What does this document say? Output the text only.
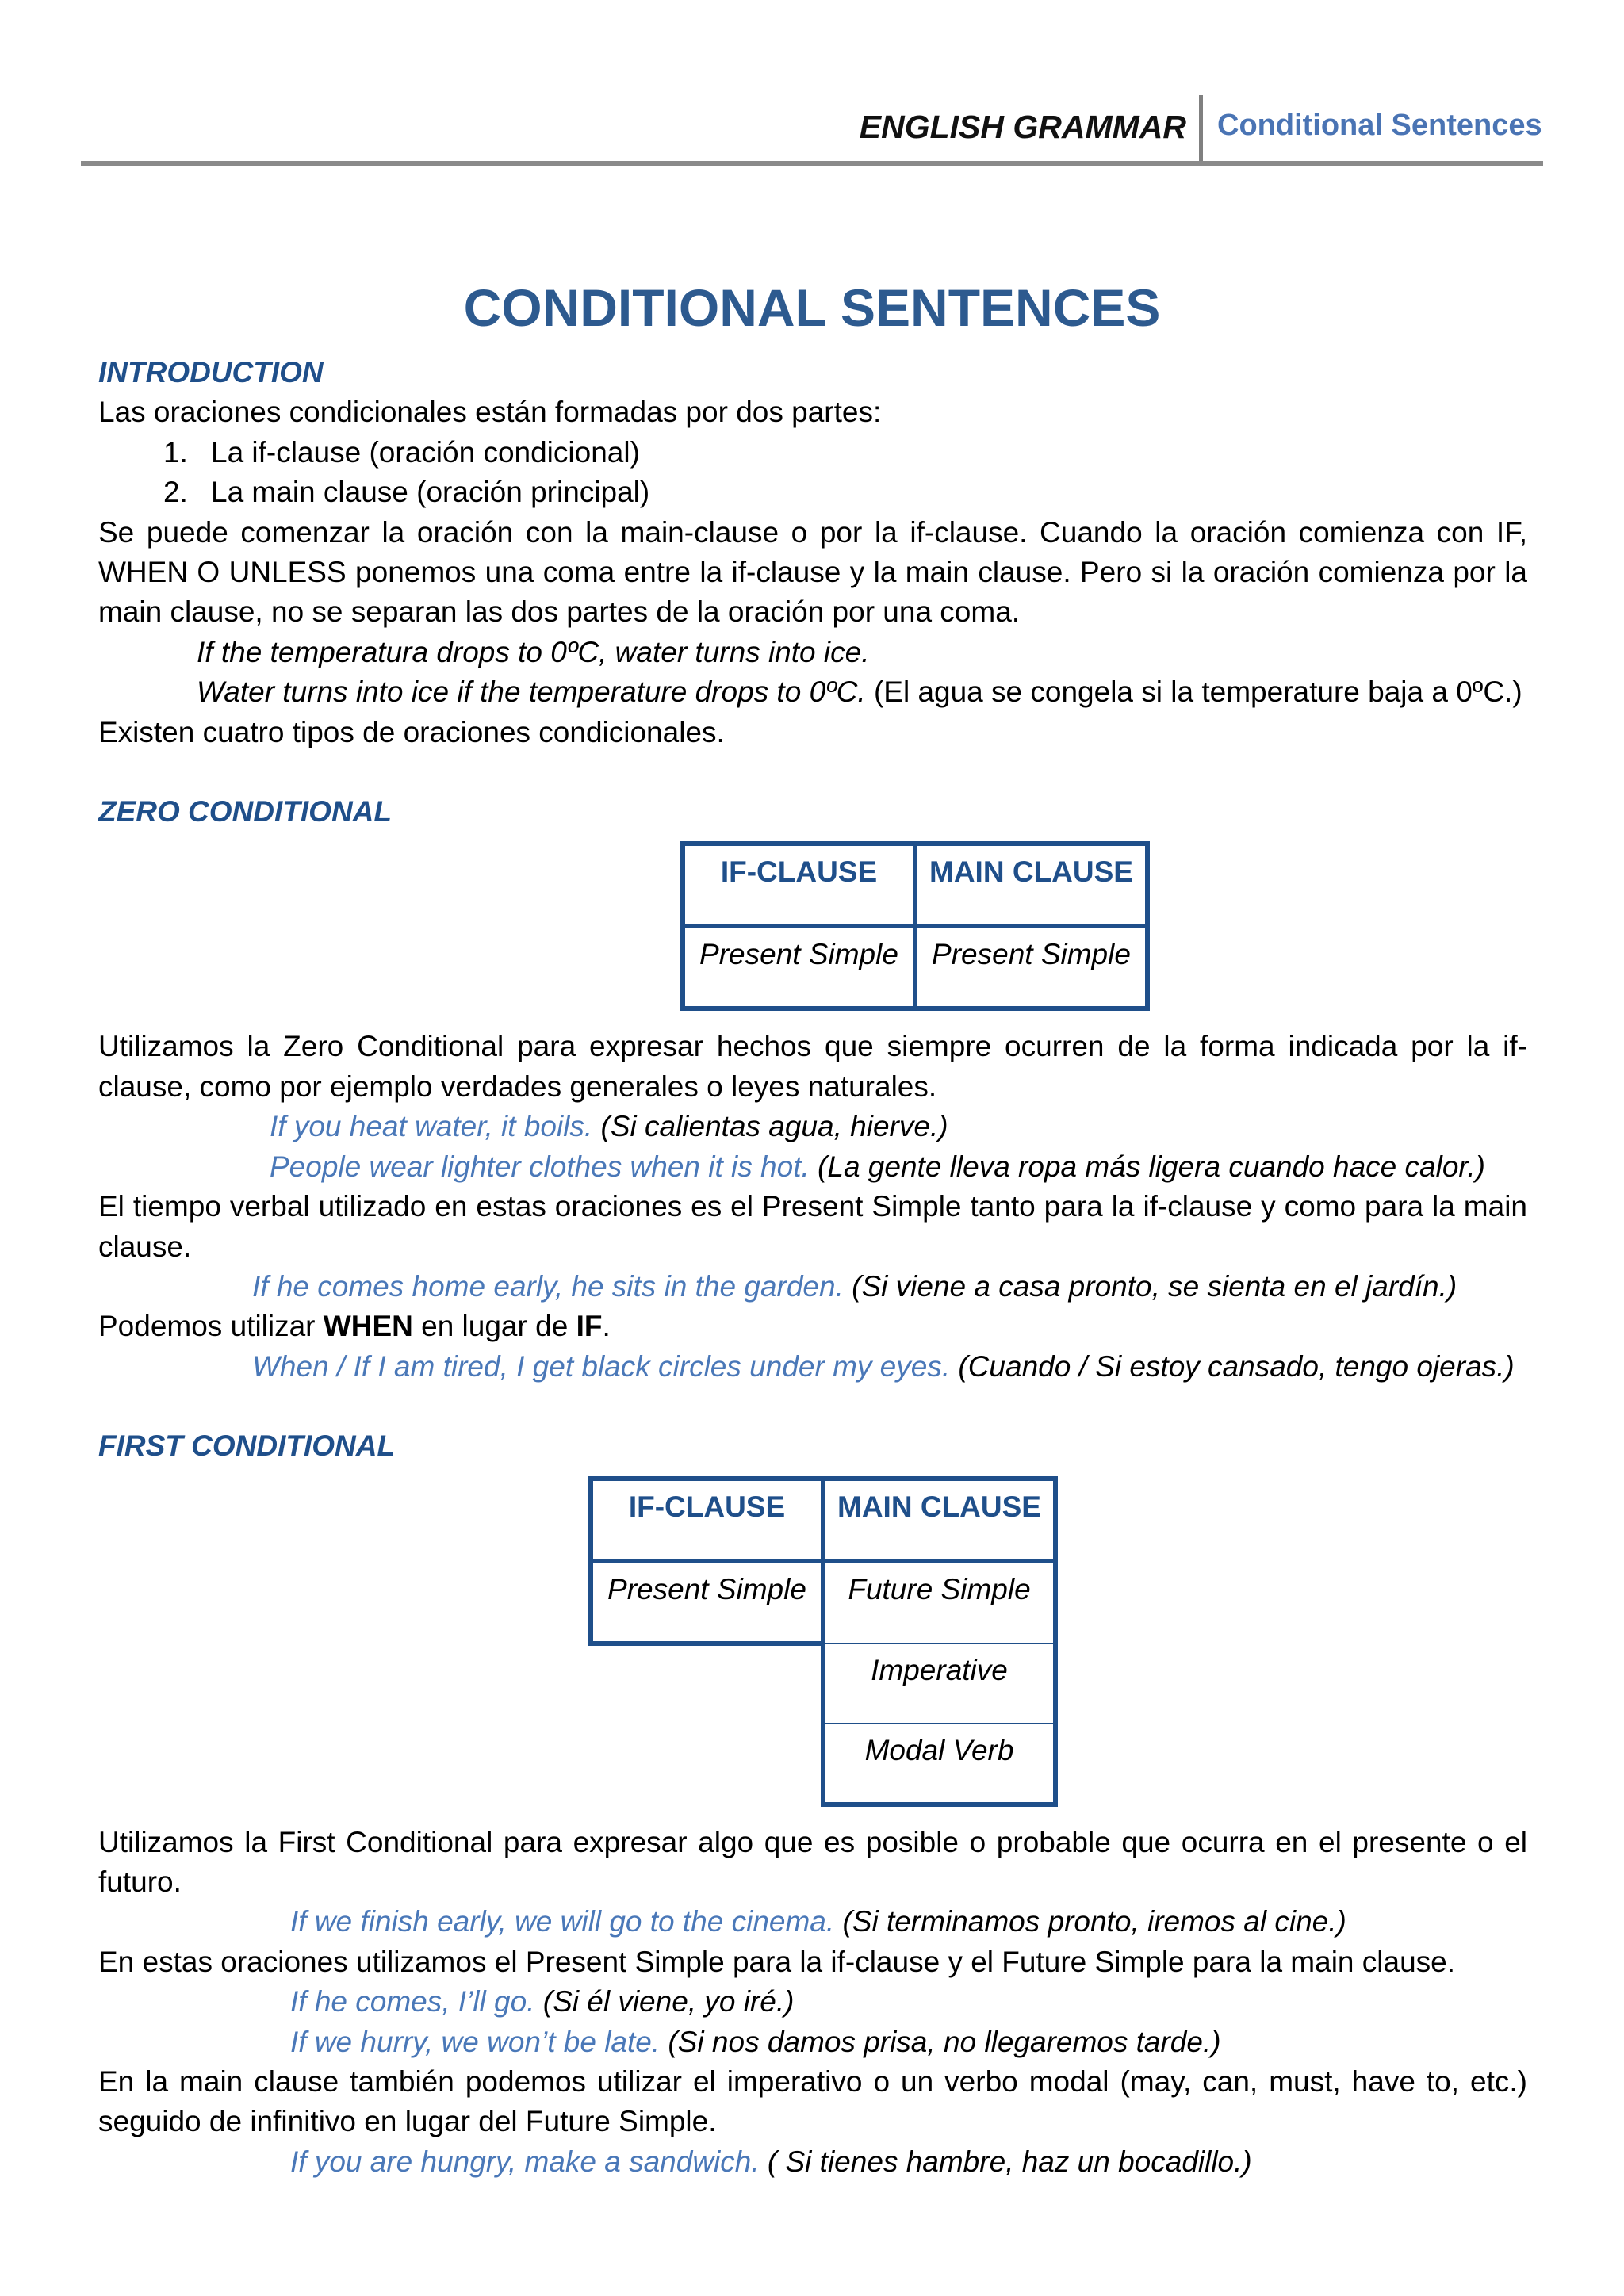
ENGLISH GRAMMAR Conditional Sentences
CONDITIONAL SENTENCES

INTRODUCTION

Las oraciones condicionales están formadas por dos partes:

1. La if-clause (oración condicional)
2. La main clause (oración principal)

Se puede comenzar la oración con la main-clause o por la if-clause. Cuando la oración comienza con IF, WHEN O UNLESS ponemos una coma entre la if-clause y la main clause. Pero si la oración comienza por la main clause, no se separan las dos partes de la oración por una coma.

If the temperatura drops to 0ºC, water turns into ice.

Water turns into ice if the temperature drops to 0ºC. (El agua se congela si la temperature baja a 0ºC.)

Existen cuatro tipos de oraciones condicionales.

ZERO CONDITIONAL

IF-CLAUSE	MAIN CLAUSE
Present Simple	Present Simple

Utilizamos la Zero Conditional para expresar hechos que siempre ocurren de la forma indicada por la if-clause, como por ejemplo verdades generales o leyes naturales.

If you heat water, it boils. (Si calientas agua, hierve.)

People wear lighter clothes when it is hot. (La gente lleva ropa más ligera cuando hace calor.)

El tiempo verbal utilizado en estas oraciones es el Present Simple tanto para la if-clause y como para la main clause.

If he comes home early, he sits in the garden. (Si viene a casa pronto, se sienta en el jardín.)

Podemos utilizar WHEN en lugar de IF.

When / If I am tired, I get black circles under my eyes. (Cuando / Si estoy cansado, tengo ojeras.)

FIRST CONDITIONAL

IF-CLAUSE	MAIN CLAUSE
Present Simple	Future Simple
	Imperative
	Modal Verb

Utilizamos la First Conditional para expresar algo que es posible o probable que ocurra en el presente o el futuro.

If we finish early, we will go to the cinema. (Si terminamos pronto, iremos al cine.)

En estas oraciones utilizamos el Present Simple para la if-clause y el Future Simple para la main clause.

If he comes, I’ll go. (Si él viene, yo iré.)

If we hurry, we won’t be late. (Si nos damos prisa, no llegaremos tarde.)

En la main clause también podemos utilizar el imperativo o un verbo modal (may, can, must, have to, etc.) seguido de infinitivo en lugar del Future Simple.

If you are hungry, make a sandwich. ( Si tienes hambre, haz un bocadillo.)
